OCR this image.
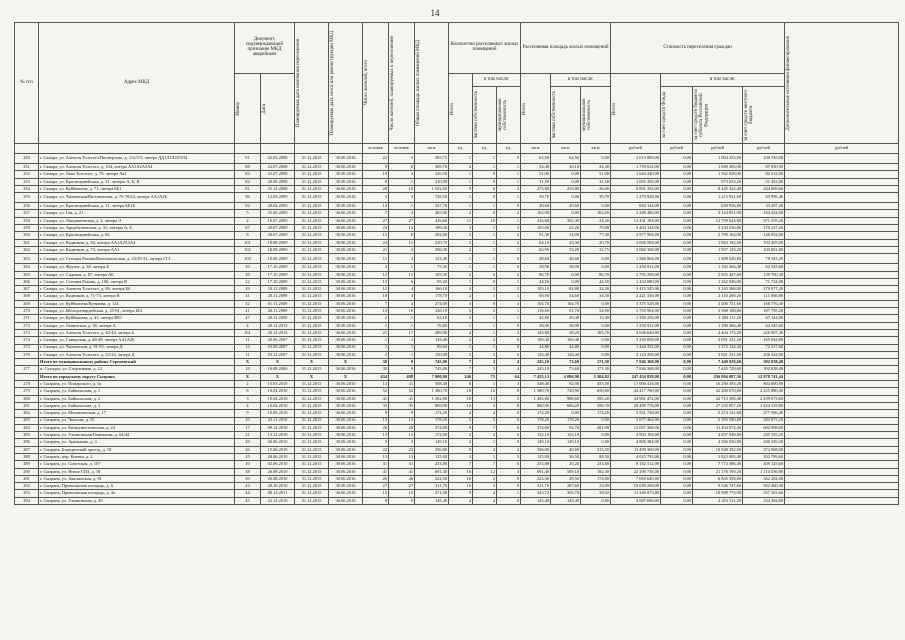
14
№ п/п	Адрес МКД	Документ, подтверждающий признание МКД аварийным		Планируемая дата окончания переселения	Планируемая дата сноса или реконструкции МКД	Число жителей, всего	Число жителей, планируемых к переселению	Общая площадь жилых помещений МКД	Количество расселяемых жилых помещений			Расселяемая площадь жилых помещений			Стоимость переселения граждан				Дополнительные источники финансирования

		Номер	Дата						Всего	в том числе:		Всего	в том числе:		Всего	в том числе:			

										частная собственность	муниципальная собственность		частная собственность	муниципальная собственность		за счет средств Фонда	за счет средств бюджета субъекта Российской Федерации	за счет средств местного бюджета	

						человек	человек	кв.м	ед.	ед.	ед.	кв.м	кв.м	кв.м	рублей	рублей	рублей	рублей	рублей
250	г. Самара, ул. Алексея Толстого/Пионерская, д. 112/3-5, литера ДД1Л1Л2Л3Л4	91	02.03.2008	31.12.2015	30.06.2016	22	5	395,75	1	1	0	62,50	62,50	0,00	2 013 800,00	0,00	1 004 253,00	100 745,00	
251	г. Самара, ул. Алексея Толстого, д. 104, литера АА1А2А3А4	88	22.07.2008	31.12.2015	30.06.2016	9	8	309,70	2	1	1	54,40	30,10	24,30	1 759 632,00	0,00	1 669 306,00	87 930,00	
252	г. Самара, ул. Льва Толстого, д. 79, литера Аа1	83	22.07.2008	31.12.2015	30.06.2016	19	4	326,50	1	0	1	51,00	0,00	51,00	1 644 240,00	0,00	1 562 028,00	82 212,00	
253	г. Самара, ул. Красноармейская, д. 31, литеры А, Б, В	82	20.08.2008	31.12.2015	30.06.2016	8	1	310,90	1	0	1	31,50	0,00	31,50	1 005 456,00	0,00	973 633,20	51 422,80	
254	г. Самара, ул. Куйбышева, д. 71, литера ББ1	81	25.12.2008	31.12.2015	30.06.2016	28	10	1 592,00	9	6	3	275,80	253,80	26,00	8 891 392,00	0,00	8 445 322,40	444 069,60	
255	г. Самара, ул. Чапаевская/Вилоновская, д. 76-78/44, литера АА1А2Б	96	12.03.2009	31.12.2015	30.06.2016	3	3	728,50	1	0	1	39,70	0,00	39,70	1 279 928,00	0,00	1 215 931,60	63 996,40	
256	г. Самара, ул. Красноармейская, д. 11, литера ББ1Б	92	28.04.2009	31.12.2015	30.06.2016	14	1	327,70	1	1	0	20,60	20,60	0,00	664 144,00	0,00	630 936,80	33 207,20	
257	г. Самара, ул. Гая, д. 21	5	25.06.2009	31.12.2015	30.06.2016	7	4	465,90	2	0	2	102,00	0,00	102,00	3 288 480,00	0,00	3 124 051,00	164 424,00	
258	г. Самара, ул. Линдакеевская, д. 3, литера Э	2	16.07.2009	31.12.2015	30.06.2016	27	27	416,60	11	10	1	416,60	392,30	24,30	13 431 184,00	0,00	12 759 624,80	671 559,20	
259	г. Самара, ул. Арцыбушевская, д. 31, литеры А, Б	87	29.07.2009	31.12.2015	30.06.2016	23	12	199,30	3	1	2	105,00	25,20	79,80	3 404 144,00	0,00	3 234 536,80	170 227,20	
260	г. Самара, ул. Красноармейская, д. 66	8	30.07.2009	31.12.2015	30.06.2016	15	8	292,00	3	1	2	91,30	14,00	77,30	2 977 904,00	0,00	2 790 164,00	146 952,00	
261	г. Самара, ул. Водников, д. 84, литера АА1А2А3А4	101	18.08.2009	31.12.2015	30.06.2016	24	11	230,70	3	1	2	64,10	43,40	20,70	2 066 584,00	0,00	1 963 192,00	103 405,00	
262	г. Самара, ул. Водников, д. 73, литера АА1	102	18.08.2009	31.12.2015	30.06.2016	21	2	396,30	2	1	1	65,95	33,20	32,75	2 060 368,00	0,00	1 957 129,20	103 001,80	
263	г. Самара, ул. Степана Разина/Комсомольская, д. 23/29-31, литера ГГ1	103	10.08.2009	31.12.2015	30.06.2016	11	3	123,40	1	1	0	48,60	48,60	0,00	1 566 864,00	0,00	1 488 520,80	78 343,20	
264	г. Самара, ул. Фрунзе, д. 38, литера Б	10	17.10.2009	31.12.2015	30.06.2016	3	1	75,30	1	1	0	38,90	38,90	0,00	1 250 912,00	0,00	1 182 364,40	62 545,60	
265	г. Самара, ул. Садовая, д. 87, литера АБ	29	17.10.2009	31.12.2015	30.06.2016	12	12	103,30	2	0	2	86,70	0,00	86,70	2 795 208,00	0,00	2 655 447,60	139 760,40	
266	г. Самара, ул. Степана Разина, д. 106, литера В	22	17.10.2009	31.12.2015	30.06.2016	13	6	95,20	1	0	1	44,50	0,00	44,50	1 434 680,00	0,00	1 362 946,00	71 734,00	
267	г. Самара, ул. Алексея Толстого, д. 86, литера Б6	29	10.11.2009	31.12.2015	30.06.2016	12	4	166,10	4	2	2	105,10	82,80	22,30	3 415 545,00	0,00	3 145 568,00	270 977,20	
268	г. Самара, ул. Водников, д. 71-73, литера В	31	20.11.2009	31.12.2015	30.06.2016	10	4	178,70	2	1	1	68,90	34,60	34,30	2 221 336,00	0,00	2 110 269,20	111 066,80	
269	г. Самара, ул. Куйбышева/Кутякова, д. 124	32	01.11.2009	31.12.2015	30.06.2016	7	4	274,00	4	0	4	104,70	104,70	0,00	3 375 528,00	0,00	3 206 751,60	168 776,40	
270	г. Самара, ул. Молодогвардейская, д. 25-61, литера ББ1	41	20.11.2009	31.12.2015	30.06.2016	10	10	126,10	3	2	1	116,60	61,70	54,90	3 755 904,00	0,00	3 568 108,80	187 795,20	
271	г. Самара, ул. Куйбышева, д. 41, литера ВЕ1	47	20.11.2009	31.12.2015	30.06.2016	2	1	63,10	2	1	1	42,80	29,40	13,40	1 350 256,00	0,00	1 283 111,20	67 144,80	
272	г. Самара, ул. Ленинская, д. 38, литера А	4	20.12.2015	31.12.2015	30.06.2016	1	1	76,60	1	1	0	38,90	38,90	0,00	1 250 912,00	0,00	1 188 366,40	62 545,60	
273	г. Самара, ул. Алексея Толстого, д. 42-44, литера Б	161	20.12.2015	31.12.2015	30.06.2016	21	17	289,90	4	1	3	143,80	38,20	105,70	4 636 640,00	0,00	4 404 175,20	226 907,40	
274	г. Самара, ул. Самарская, д. 48-48, литера АА1А2Б	11	20.06.2007	31.12.2015	30.06.2016	1	1	143,40	2	2	0	100,40	100,40	0,00	3 256 858,00	0,00	3 091 321,20	165 844,80	
275	г. Самара, ул. Чапаевская, д. 91-93, литера Д	13	03.09.2007	31.12.2015	30.06.2016	1	1	89,60	1	1	0	44,80	44,80	0,00	1 444 352,00	0,00	1 372 134,40	72 217,60	
276	г. Самара, ул. Алексея Толстого, д. 22-24, литера Д	11	03.12.2007	31.12.2015	30.06.2016	2	1	150,00	3	3	0	126,40	126,40	0,00	4 124 458,00	0,00	3 921 231,00	206 224,00	
	Итого по муниципальному району Сергиевский	X	X	X	X	30	9	745,00	7	3	4	245,10	73,60	171,30	7 846 368,00	0,00	7 449 929,60	392 038,40	
277	п. Суходол, ул. Спортивная, д. 12	18	16.08.2006	31.12.2015	30.06.2016	30	9	745,00	7	3	4	245,10	73,60	171,30	7 846 368,00	0,00	7 445 729,60	392 038,40	
	Итого по городскому округу Сызрань	X	X	X	X	434	498	7 900,80	246	75	64	7 455,13	4 096,90	5 204,82	247 454 828,00	0,00	236 094 087,36	12 878 741,44	
278	г. Сызрань, ул. Пожарского, д. 5а	2	15.03.2010	31.12.2015	30.06.2016	13	31	508,40	8	1	3	348,40	92,00	455,00	17 000 416,00	0,00	16 290 395,20	804 800,80	
279	г. Сызрань, ул. Байкальская, д. 1	8	10.04.2010	31.12.2015	30.06.2016	52	52	1 380,70	18	10	8	1 380,70	729,90	650,80	44 417 760,00	0,00	42 200 070,00	2 225 880,40	
280	г. Сызрань, ул. Байкальская, д. 2	3	10.04.2010	31.12.2015	30.06.2016	41	41	1 382,80	18	13	5	1 382,80	988,60	395,20	44 961 472,00	0,00	42 713 398,40	2 299 073,60	
281	г. Сызрань, ул. Байкальская, д. 3	4	10.04.2010	31.12.2015	30.06.2016	35	35	869,90	12	4	8	860,90	606,20	288,70	28 499 776,00	0,00	27 235 857,20	1 424 318,80	
282	г. Сызрань, ул. Механическая, д. 17	9	10.09.2010	31.12.2015	30.06.2016	9	9	172,20	4	4	0	172,20	0,00	172,20	5 551 728,00	0,00	5 274 141,60	277 586,40	
283	г. Сызрань, ул. Чкалова, д. 55	10	23.11.2010	31.12.2015	30.06.2016	13	13	178,20	5	5	0	178,20	178,20	0,00	5 677 464,00	0,00	5 393 590,80	283 873,20	
284	г. Сызрань, ул. Коммунистическая, д. 24	17	09.12.2010	31.12.2015	30.06.2016	20	20	374,00	9	7	6	374,60	92,70	281,90	12 057 308,00	0,00	11 454 072,40	602 908,60	
285	г. Сызрань, ул. Ульяновская/Гимназова, д. 64/44	21	13.12.2010	31.12.2015	30.06.2016	13	13	172,00	4	4	0	152,10	152,10	0,00	4 903 104,00	0,00	4 657 948,80	245 155,20	
286	г. Сызрань, ул. Аранькова, д. 3	29	26.06.2010	31.12.2015	30.06.2016	3	3	149,10	2	1	0	149,10	149,10	0,00	4 806 384,00	0,00	4 566 036,80	240 349,20	
287	г. Сызрань, Бородинский проезд, д. 18	26	15.06.2010	31.12.2015	30.06.2016	22	22	356,00	9	4	4	356,00	40,60	315,50	11 499 360,00	0,00	10 948 392,00	574 968,00	
288	г. Сызрань, пер. Киевка, д. 2	25	28.06.2010	31.12.2015	30.06.2016	13	13	125,00	4	1	3	125,00	36,50	88,50	4 025 792,00	0,00	3 823 003,40	202 789,60	
289	г. Сызрань, ул. Советская, д. 107	10	02.06.2010	31.12.2015	30.06.2016	31	31	253,80	7	7	0	253,80	20,20	233,80	8 182 512,00	0,00	7 773 386,40	409 125,60	
290	г. Сызрань, ул. Новое СПЗ, д. 18	38	26.08.2010	31.12.2015	30.06.2016	41	41	691,40	16	12	4	691,40	509,10	182,30	22 290 736,00	0,00	21 176 199,20	1 114 536,80	
291	г. Сызрань, ул. Хвалынская, д. 81	39	26.08.2010	31.12.2015	30.06.2016	26	26	222,50	10	2	8	223,50	48,50	174,00	7 065 640,00	0,00	6 845 358,00	362 282,00	
292	г. Сызрань, Приволжская площадь, д. 6	43	28.10.2010	31.12.2015	30.06.2016	27	27	311,70	10	3	0	311,70	287,60	23,90	10 049 208,00	0,00	9 546 747,60	502 460,40	
293	г. Сызрань, Приволжская площадь, д. 4а	44	08.12.2011	31.12.2015	30.06.2016	15	15	371,00	9	4	1	343,72	305,70	38,02	11 346 073,80	0,00	10 988 773,00	557 303,66	
294	г. Сызрань, ул. Ульяновская, д. 49	45	22.12.2010	31.12.2015	30.06.2016	8	8	145,40	4	4	0	145,40	145,40	0,00	4 687 696,00	0,00	4 453 311,20	234 384,80	
